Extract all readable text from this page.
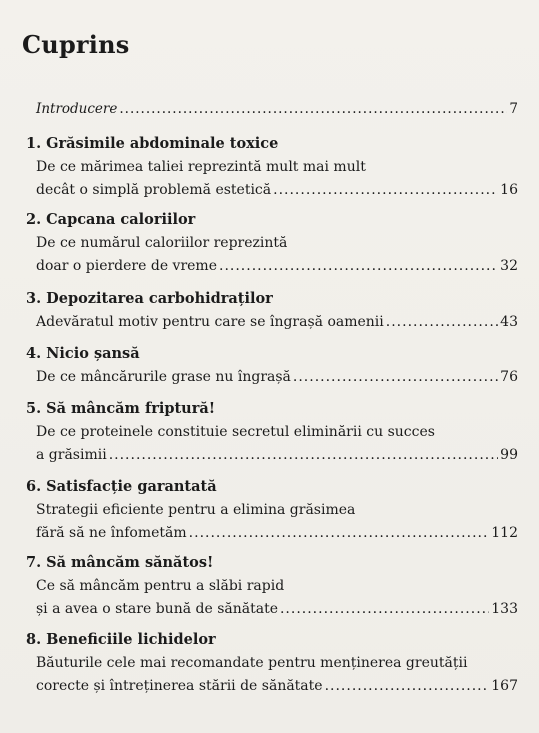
Cuprins
Introducere .....	7
1. Grăsimile abdominale toxice
De ce mărimea taliei reprezintă mult mai mult
decât o simplă problemă estetică .....	16
2. Capcana caloriilor
De ce numărul caloriilor reprezintă
doar o pierdere de vreme .....	32
3. Depozitarea carbohidraților
Adevăratul motiv pentru care se îngrașă oamenii .....	43
4. Nicio șansă
De ce mâncărurile grase nu îngrașă .....	76
5. Să mâncăm friptură!
De ce proteinele constituie secretul eliminării cu succes
a grăsimii .....	99
6. Satisfacție garantată
Strategii eficiente pentru a elimina grăsimea
fără să ne înfometăm .....	112
7. Să mâncăm sănătos!
Ce să mâncăm pentru a slăbi rapid
și a avea o stare bună de sănătate .....	133
8. Beneficiile lichidelor
Băuturile cele mai recomandate pentru menținerea greutății
corecte și întreținerea stării de sănătate .....	167
